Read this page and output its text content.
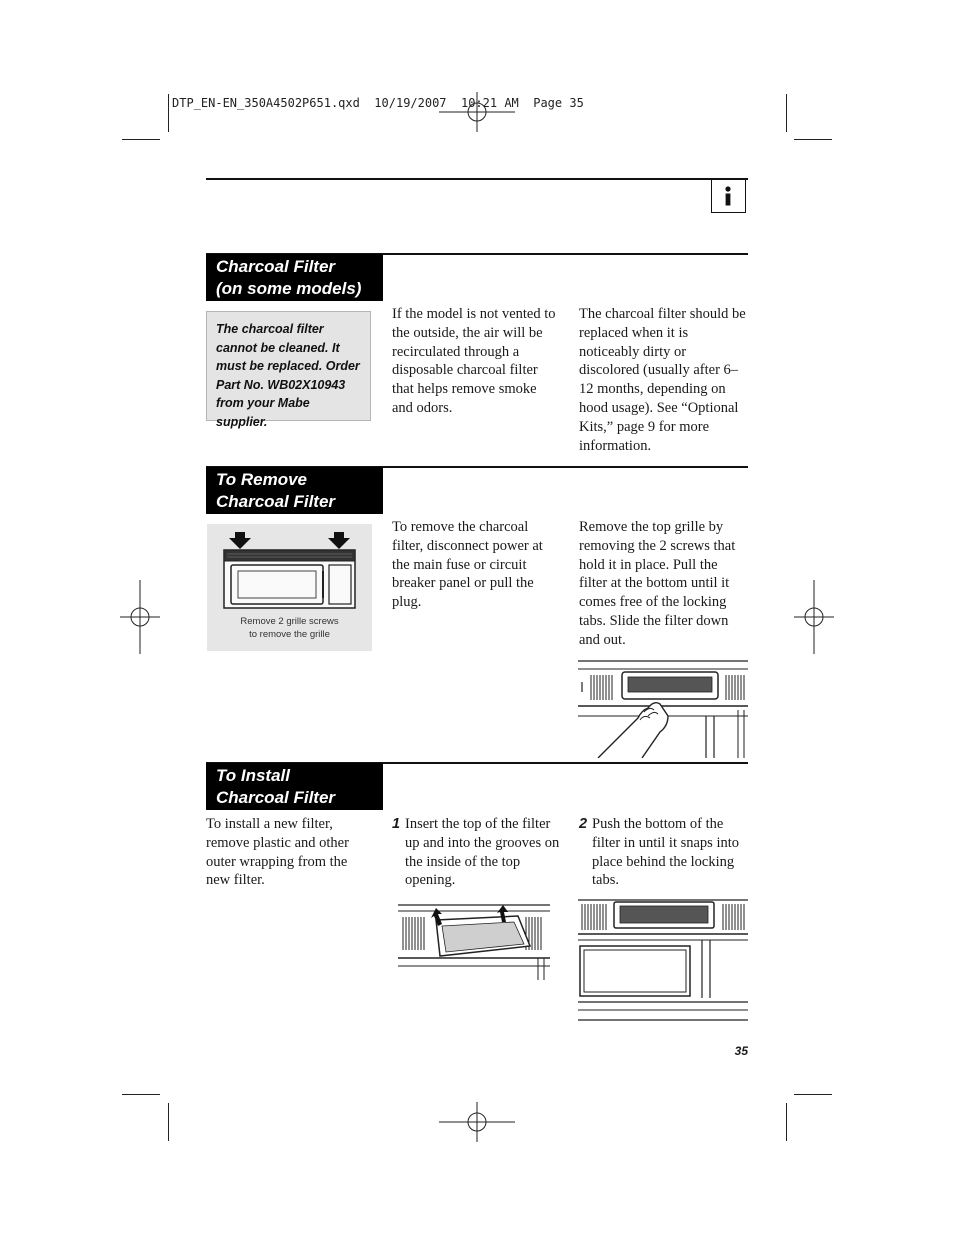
DTP_EN-EN_350A4502P651.qxd  10/19/2007  10:21 AM  Page 35
Charcoal Filter
(on some models)
The charcoal filter cannot be cleaned. It must be replaced. Order Part No. WB02X10943 from your Mabe supplier.
If the model is not vented to the outside, the air will be recirculated through a disposable charcoal filter that helps remove smoke and odors.
The charcoal filter should be replaced when it is noticeably dirty or discolored (usually after 6–12 months, depending on hood usage). See “Optional Kits,” page 9 for more information.
To Remove
Charcoal Filter
Remove 2 grille screws
to remove the grille
To remove the charcoal filter, disconnect power at the main fuse or circuit breaker panel or pull the plug.
Remove the top grille by removing the 2 screws that hold it in place. Pull the filter at the bottom until it comes free of the locking tabs. Slide the filter down and out.
To Install
Charcoal Filter
To install a new filter, remove plastic and other outer wrapping from the new filter.
1 Insert the top of the filter up and into the grooves on the inside of the top opening.
2 Push the bottom of the filter in until it snaps into place behind the locking tabs.
35
